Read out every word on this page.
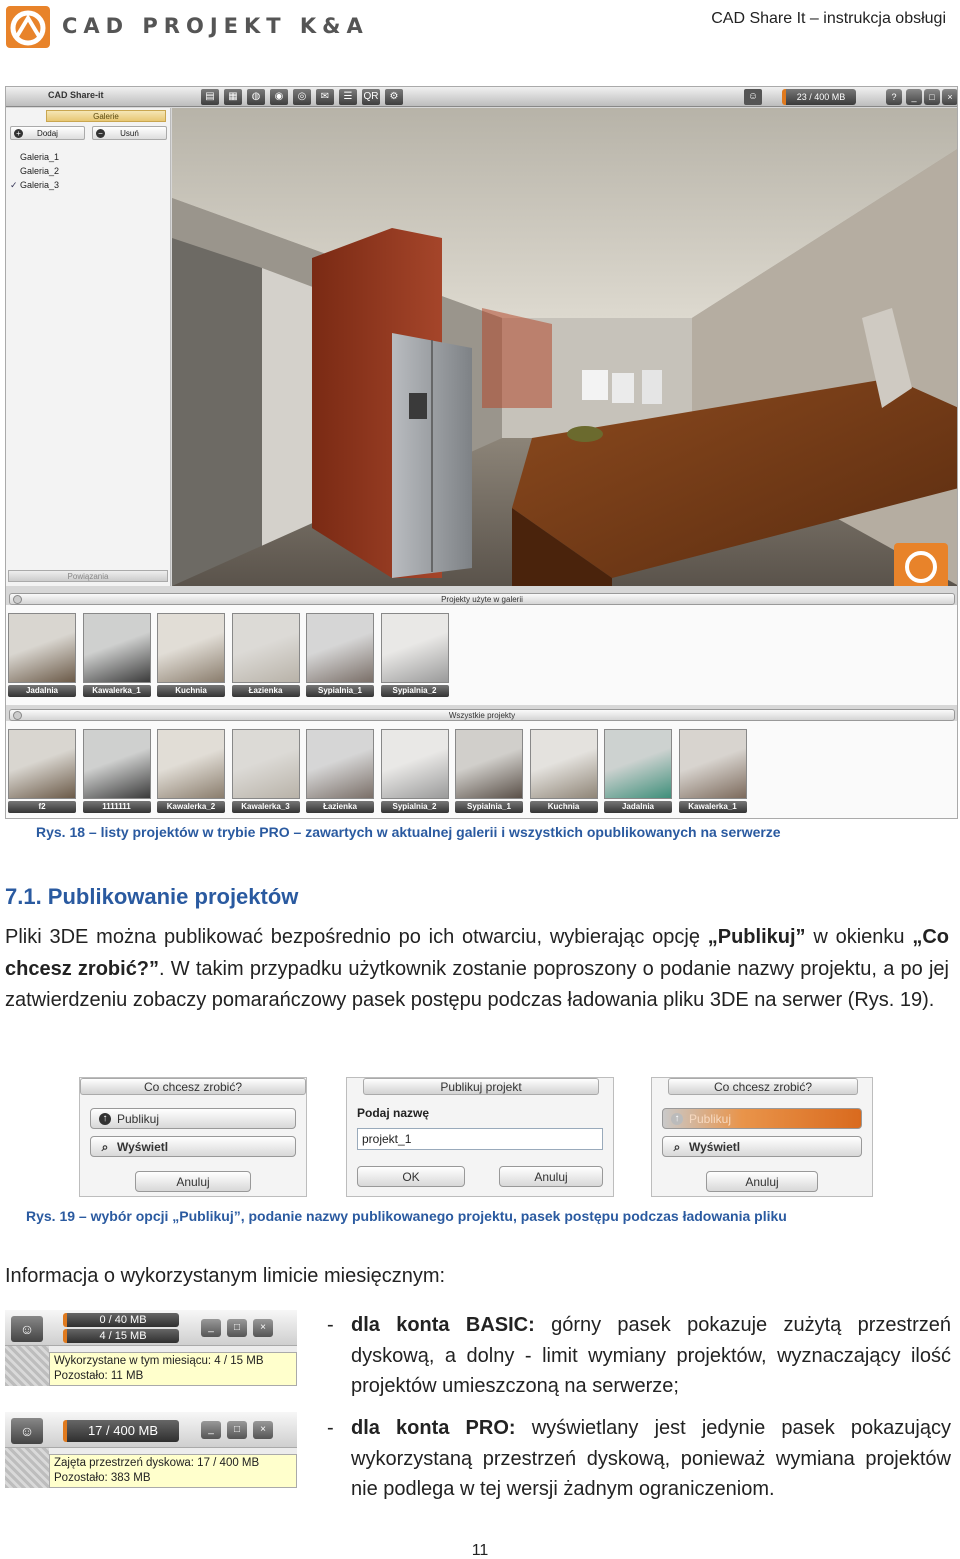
CAD PROJEKT K&A	CAD Share It – instrukcja obsługi
CAD Share-it	▤	▦	◍	◉	◎	✉	☰	QR	⚙	☺	23 / 400 MB	?	_	□	×
Galerie
+ Dodaj	− Usuń
Galeria_1
Galeria_2
✓ Galeria_3
Powiązania
Projekty użyte w galerii
Jadalnia	Kawalerka_1	Kuchnia	Łazienka	Sypialnia_1	Sypialnia_2
Wszystkie projekty
f2	1111111	Kawalerka_2	Kawalerka_3	Łazienka	Sypialnia_2	Sypialnia_1	Kuchnia	Jadalnia	Kawalerka_1
Rys. 18 – listy projektów w trybie PRO – zawartych w aktualnej galerii i wszystkich opublikowanych na serwerze
7.1. Publikowanie projektów
Pliki 3DE można publikować bezpośrednio po ich otwarciu, wybierając opcję „Publikuj” w okienku „Co chcesz zrobić?”. W takim przypadku użytkownik zostanie poproszony o podanie nazwy projektu, a po jej zatwierdzeniu zobaczy pomarańczowy pasek postępu podczas ładowania pliku 3DE na serwer (Rys. 19).
Co chcesz zrobić?
↑ Publikuj
⌕ Wyświetl
Anuluj
Publikuj projekt
Podaj nazwę
projekt_1
OK	Anuluj
Co chcesz zrobić?
↑ Publikuj
⌕ Wyświetl
Anuluj
Rys. 19 – wybór opcji „Publikuj”, podanie nazwy publikowanego projektu, pasek postępu podczas ładowania pliku
Informacja o wykorzystanym limicie miesięcznym:
☺
0 / 40 MB
4 / 15 MB
_	□	×
Wykorzystane w tym miesiącu: 4 / 15 MB
Pozostało: 11 MB
☺	17 / 400 MB	_	□	×
Zajęta przestrzeń dyskowa: 17 / 400 MB
Pozostało: 383 MB
- dla konta BASIC: górny pasek pokazuje zużytą przestrzeń dyskową, a dolny - limit wymiany projektów, wyznaczający ilość projektów umieszczoną na serwerze;
- dla konta PRO: wyświetlany jest jedynie pasek pokazujący wykorzystaną przestrzeń dyskową, ponieważ wymiana projektów nie podlega w tej wersji żadnym ograniczeniom.
11
